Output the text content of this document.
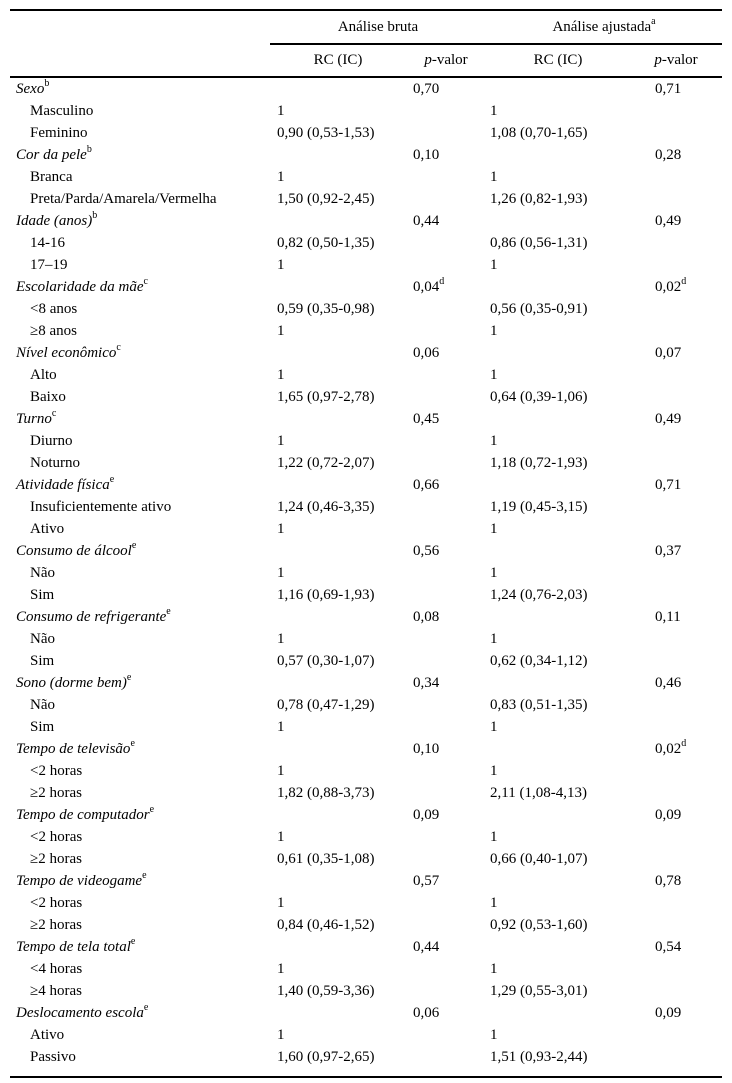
	Análise bruta		Análise ajustada$^a$
	RC (IC)	p-valor	RC (IC)	p-valor
Sexo$^b$		0,70		0,71
Masculino	1		1	
Feminino	0,90 (0,53-1,53)		1,08 (0,70-1,65)	
Cor da pele$^b$		0,10		0,28
Branca	1		1	
Preta/Parda/Amarela/Vermelha	1,50 (0,92-2,45)		1,26 (0,82-1,93)	
Idade (anos)$^b$		0,44		0,49
14-16	0,82 (0,50-1,35)		0,86 (0,56-1,31)	
17–19	1		1	
Escolaridade da mãe$^c$		0,04$^d$		0,02$^d$
<8 anos	0,59 (0,35-0,98)		0,56 (0,35-0,91)	
≥8 anos	1		1	
Nível econômico$^c$		0,06		0,07
Alto	1		1	
Baixo	1,65 (0,97-2,78)		0,64 (0,39-1,06)	
Turno$^c$		0,45		0,49
Diurno	1		1	
Noturno	1,22 (0,72-2,07)		1,18 (0,72-1,93)	
Atividade física$^e$		0,66		0,71
Insuficientemente ativo	1,24 (0,46-3,35)		1,19 (0,45-3,15)	
Ativo	1		1	
Consumo de álcool$^e$		0,56		0,37
Não	1		1	
Sim	1,16 (0,69-1,93)		1,24 (0,76-2,03)	
Consumo de refrigerante$^e$		0,08		0,11
Não	1		1	
Sim	0,57 (0,30-1,07)		0,62 (0,34-1,12)	
Sono (dorme bem)$^e$		0,34		0,46
Não	0,78 (0,47-1,29)		0,83 (0,51-1,35)	
Sim	1		1	
Tempo de televisão$^e$		0,10		0,02$^d$
<2 horas	1		1	
≥2 horas	1,82 (0,88-3,73)		2,11 (1,08-4,13)	
Tempo de computador$^e$		0,09		0,09
<2 horas	1		1	
≥2 horas	0,61 (0,35-1,08)		0,66 (0,40-1,07)	
Tempo de videogame$^e$		0,57		0,78
<2 horas	1		1	
≥2 horas	0,84 (0,46-1,52)		0,92 (0,53-1,60)	
Tempo de tela total$^e$		0,44		0,54
<4 horas	1		1	
≥4 horas	1,40 (0,59-3,36)		1,29 (0,55-3,01)	
Deslocamento escola$^e$		0,06		0,09
Ativo	1		1	
Passivo	1,60 (0,97-2,65)		1,51 (0,93-2,44)	
